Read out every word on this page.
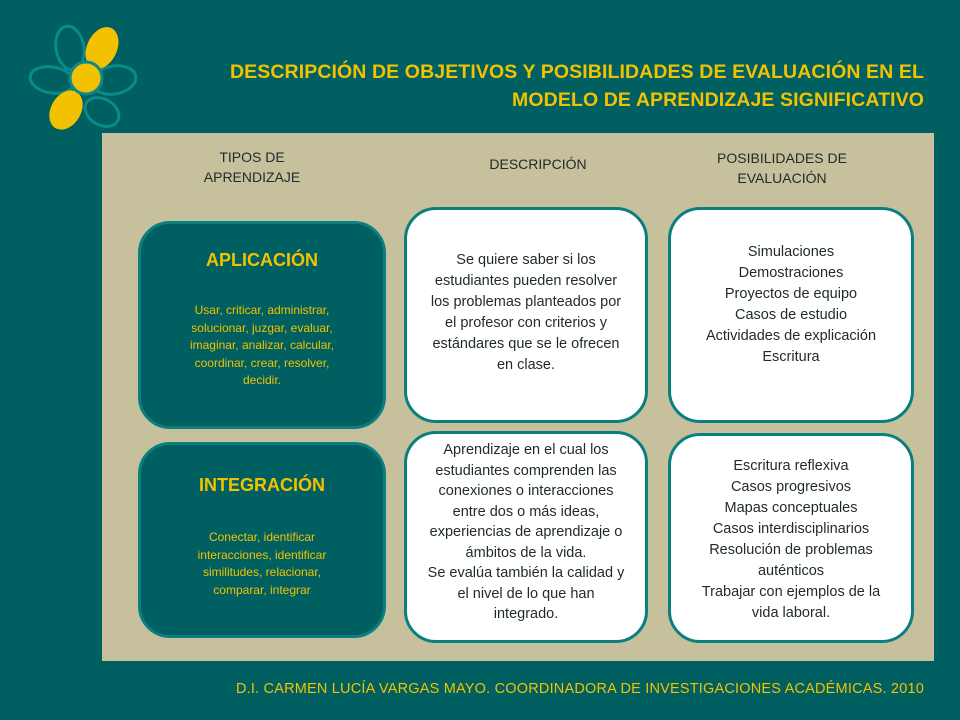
DESCRIPCIÓN DE OBJETIVOS Y POSIBILIDADES DE EVALUACIÓN EN EL
MODELO DE APRENDIZAJE SIGNIFICATIVO
TIPOS DE
APRENDIZAJE
DESCRIPCIÓN	POSIBILIDADES DE
EVALUACIÓN
APLICACIÓN
Usar, criticar, administrar,
solucionar, juzgar, evaluar,
imaginar, analizar, calcular,
coordinar, crear, resolver,
decidir.
Se quiere saber si los
estudiantes pueden resolver
los problemas planteados por
el profesor con criterios y
estándares que se le ofrecen
en clase.
Simulaciones
Demostraciones
Proyectos de equipo
Casos de estudio
Actividades de explicación
Escritura
INTEGRACIÓN
Conectar, identificar
interacciones, identificar
similitudes, relacionar,
comparar, integrar
Aprendizaje en el cual los
estudiantes comprenden las
conexiones o interacciones
entre dos o más ideas,
experiencias de aprendizaje o
ámbitos de la vida.
Se evalúa también la calidad y
el nivel de lo que han
integrado.
Escritura reflexiva
Casos progresivos
Mapas conceptuales
Casos interdisciplinarios
Resolución de problemas
auténticos
Trabajar con ejemplos de la
vida laboral.
D.I. CARMEN LUCÍA VARGAS MAYO. COORDINADORA DE INVESTIGACIONES ACADÉMICAS. 2010
